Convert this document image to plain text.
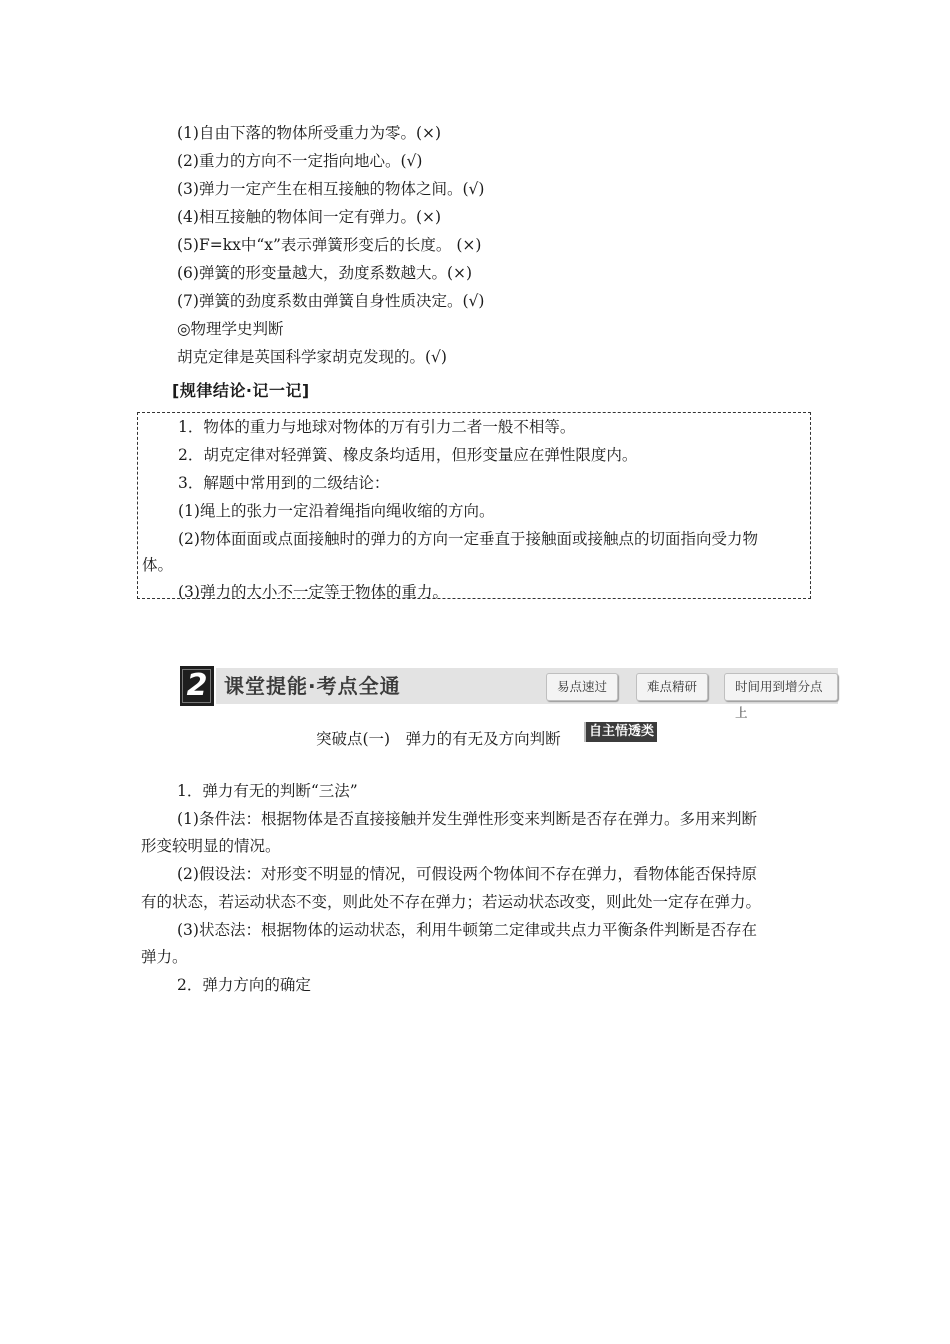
(1)自由下落的物体所受重力为零。(×)
(2)重力的方向不一定指向地心。(√)
(3)弹力一定产生在相互接触的物体之间。(√)
(4)相互接触的物体间一定有弹力。(×)
(5)F=kx中“x”表示弹簧形变后的长度。 (×)
(6)弹簧的形变量越大，劲度系数越大。(×)
(7)弹簧的劲度系数由弹簧自身性质决定。(√)
◎物理学史判断
胡克定律是英国科学家胡克发现的。(√)
[规律结论·记一记]
1．物体的重力与地球对物体的万有引力二者一般不相等。
2．胡克定律对轻弹簧、橡皮条均适用，但形变量应在弹性限度内。
3．解题中常用到的二级结论：
(1)绳上的张力一定沿着绳指向绳收缩的方向。
(2)物体面面或点面接触时的弹力的方向一定垂直于接触面或接触点的切面指向受力物
体。
(3)弹力的大小不一定等于物体的重力。
2 课堂提能·考点全通	易点速过	难点精研	时间用到增分点上
突破点(一)　弹力的有无及方向判断	自主悟透类
1．弹力有无的判断“三法”
(1)条件法：根据物体是否直接接触并发生弹性形变来判断是否存在弹力。多用来判断
形变较明显的情况。
(2)假设法：对形变不明显的情况，可假设两个物体间不存在弹力，看物体能否保持原
有的状态，若运动状态不变，则此处不存在弹力；若运动状态改变，则此处一定存在弹力。
(3)状态法：根据物体的运动状态，利用牛顿第二定律或共点力平衡条件判断是否存在
弹力。
2．弹力方向的确定
